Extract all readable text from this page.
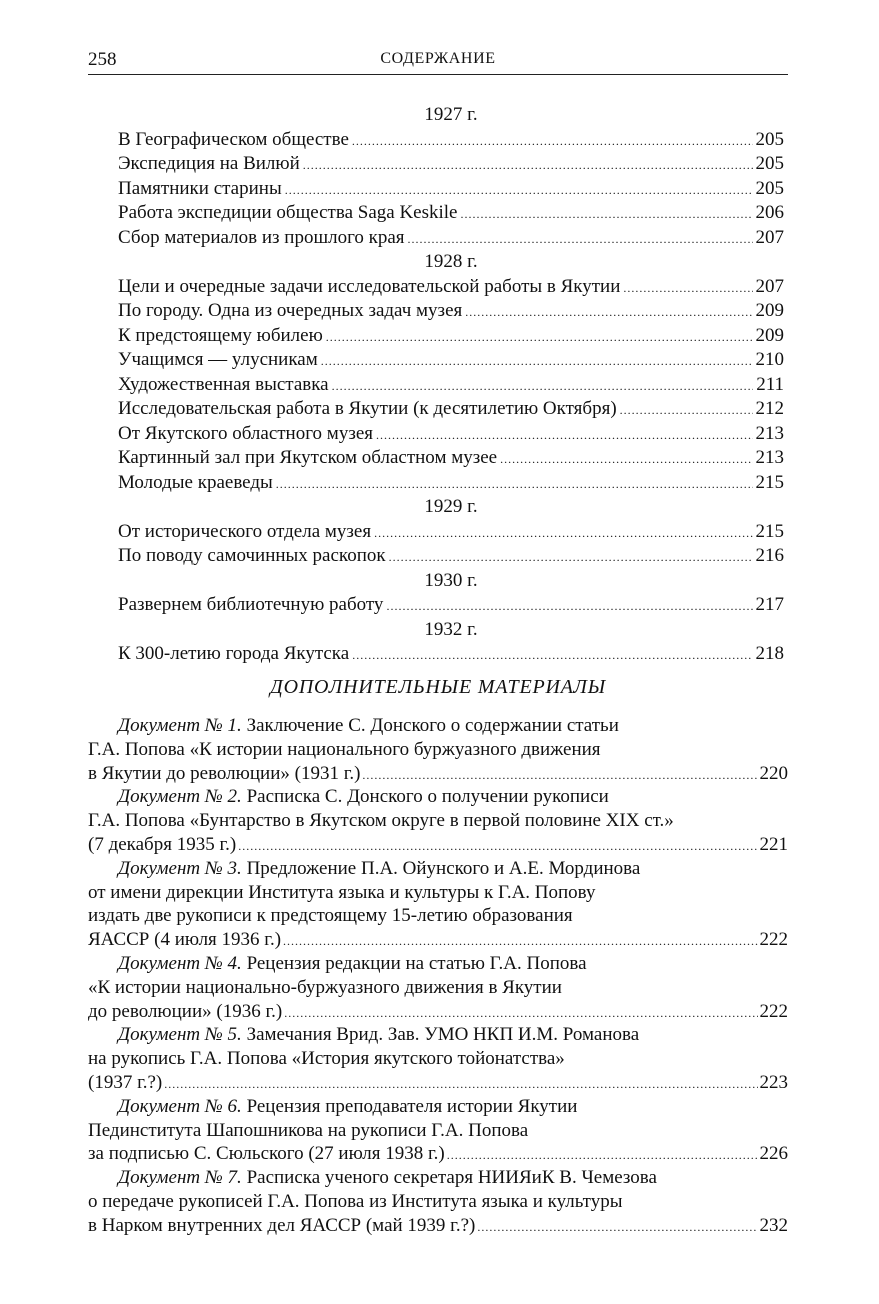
258	СОДЕРЖАНИЕ
1927 г.
В Географическом обществе .....	205
Экспедиция на Вилюй .....	205
Памятники старины .....	205
Работа экспедиции общества Saga Keskile .....	206
Сбор материалов из прошлого края .....	207
1928 г.
Цели и очередные задачи исследовательской работы в Якутии .....	207
По городу. Одна из очередных задач музея .....	209
К предстоящему юбилею .....	209
Учащимся — улусникам .....	210
Художественная выставка .....	211
Исследовательская работа в Якутии (к десятилетию Октября) .....	212
От Якутского областного музея .....	213
Картинный зал при Якутском областном музее .....	213
Молодые краеведы .....	215
1929 г.
От исторического отдела музея .....	215
По поводу самочинных раскопок .....	216
1930 г.
Развернем библиотечную работу .....	217
1932 г.
К 300-летию города Якутска .....	218
ДОПОЛНИТЕЛЬНЫЕ МАТЕРИАЛЫ
Документ № 1. Заключение С. Донского о содержании статьи
Г.А. Попова «К истории национального буржуазного движения
в Якутии до революции» (1931 г.) .....	220
Документ № 2. Расписка С. Донского о получении рукописи
Г.А. Попова «Бунтарство в Якутском округе в первой половине XIX ст.»
(7 декабря 1935 г.) .....	221
Документ № 3. Предложение П.А. Ойунского и А.Е. Мординова
от имени дирекции Института языка и культуры к Г.А. Попову
издать две рукописи к предстоящему 15-летию образования
ЯАССР (4 июля 1936 г.) .....	222
Документ № 4. Рецензия редакции на статью Г.А. Попова
«К истории национально-буржуазного движения в Якутии
до революции» (1936 г.) .....	222
Документ № 5. Замечания Врид. Зав. УМО НКП И.М. Романова
на рукопись Г.А. Попова «История якутского тойонатства»
(1937 г.?) .....	223
Документ № 6. Рецензия преподавателя истории Якутии
Пединститута Шапошникова на рукописи Г.А. Попова
за подписью С. Сюльского (27 июля 1938 г.) .....	226
Документ № 7. Расписка ученого секретаря НИИЯиК В. Чемезова
о передаче рукописей Г.А. Попова из Института языка и культуры
в Нарком внутренних дел ЯАССР (май 1939 г.?) .....	232
